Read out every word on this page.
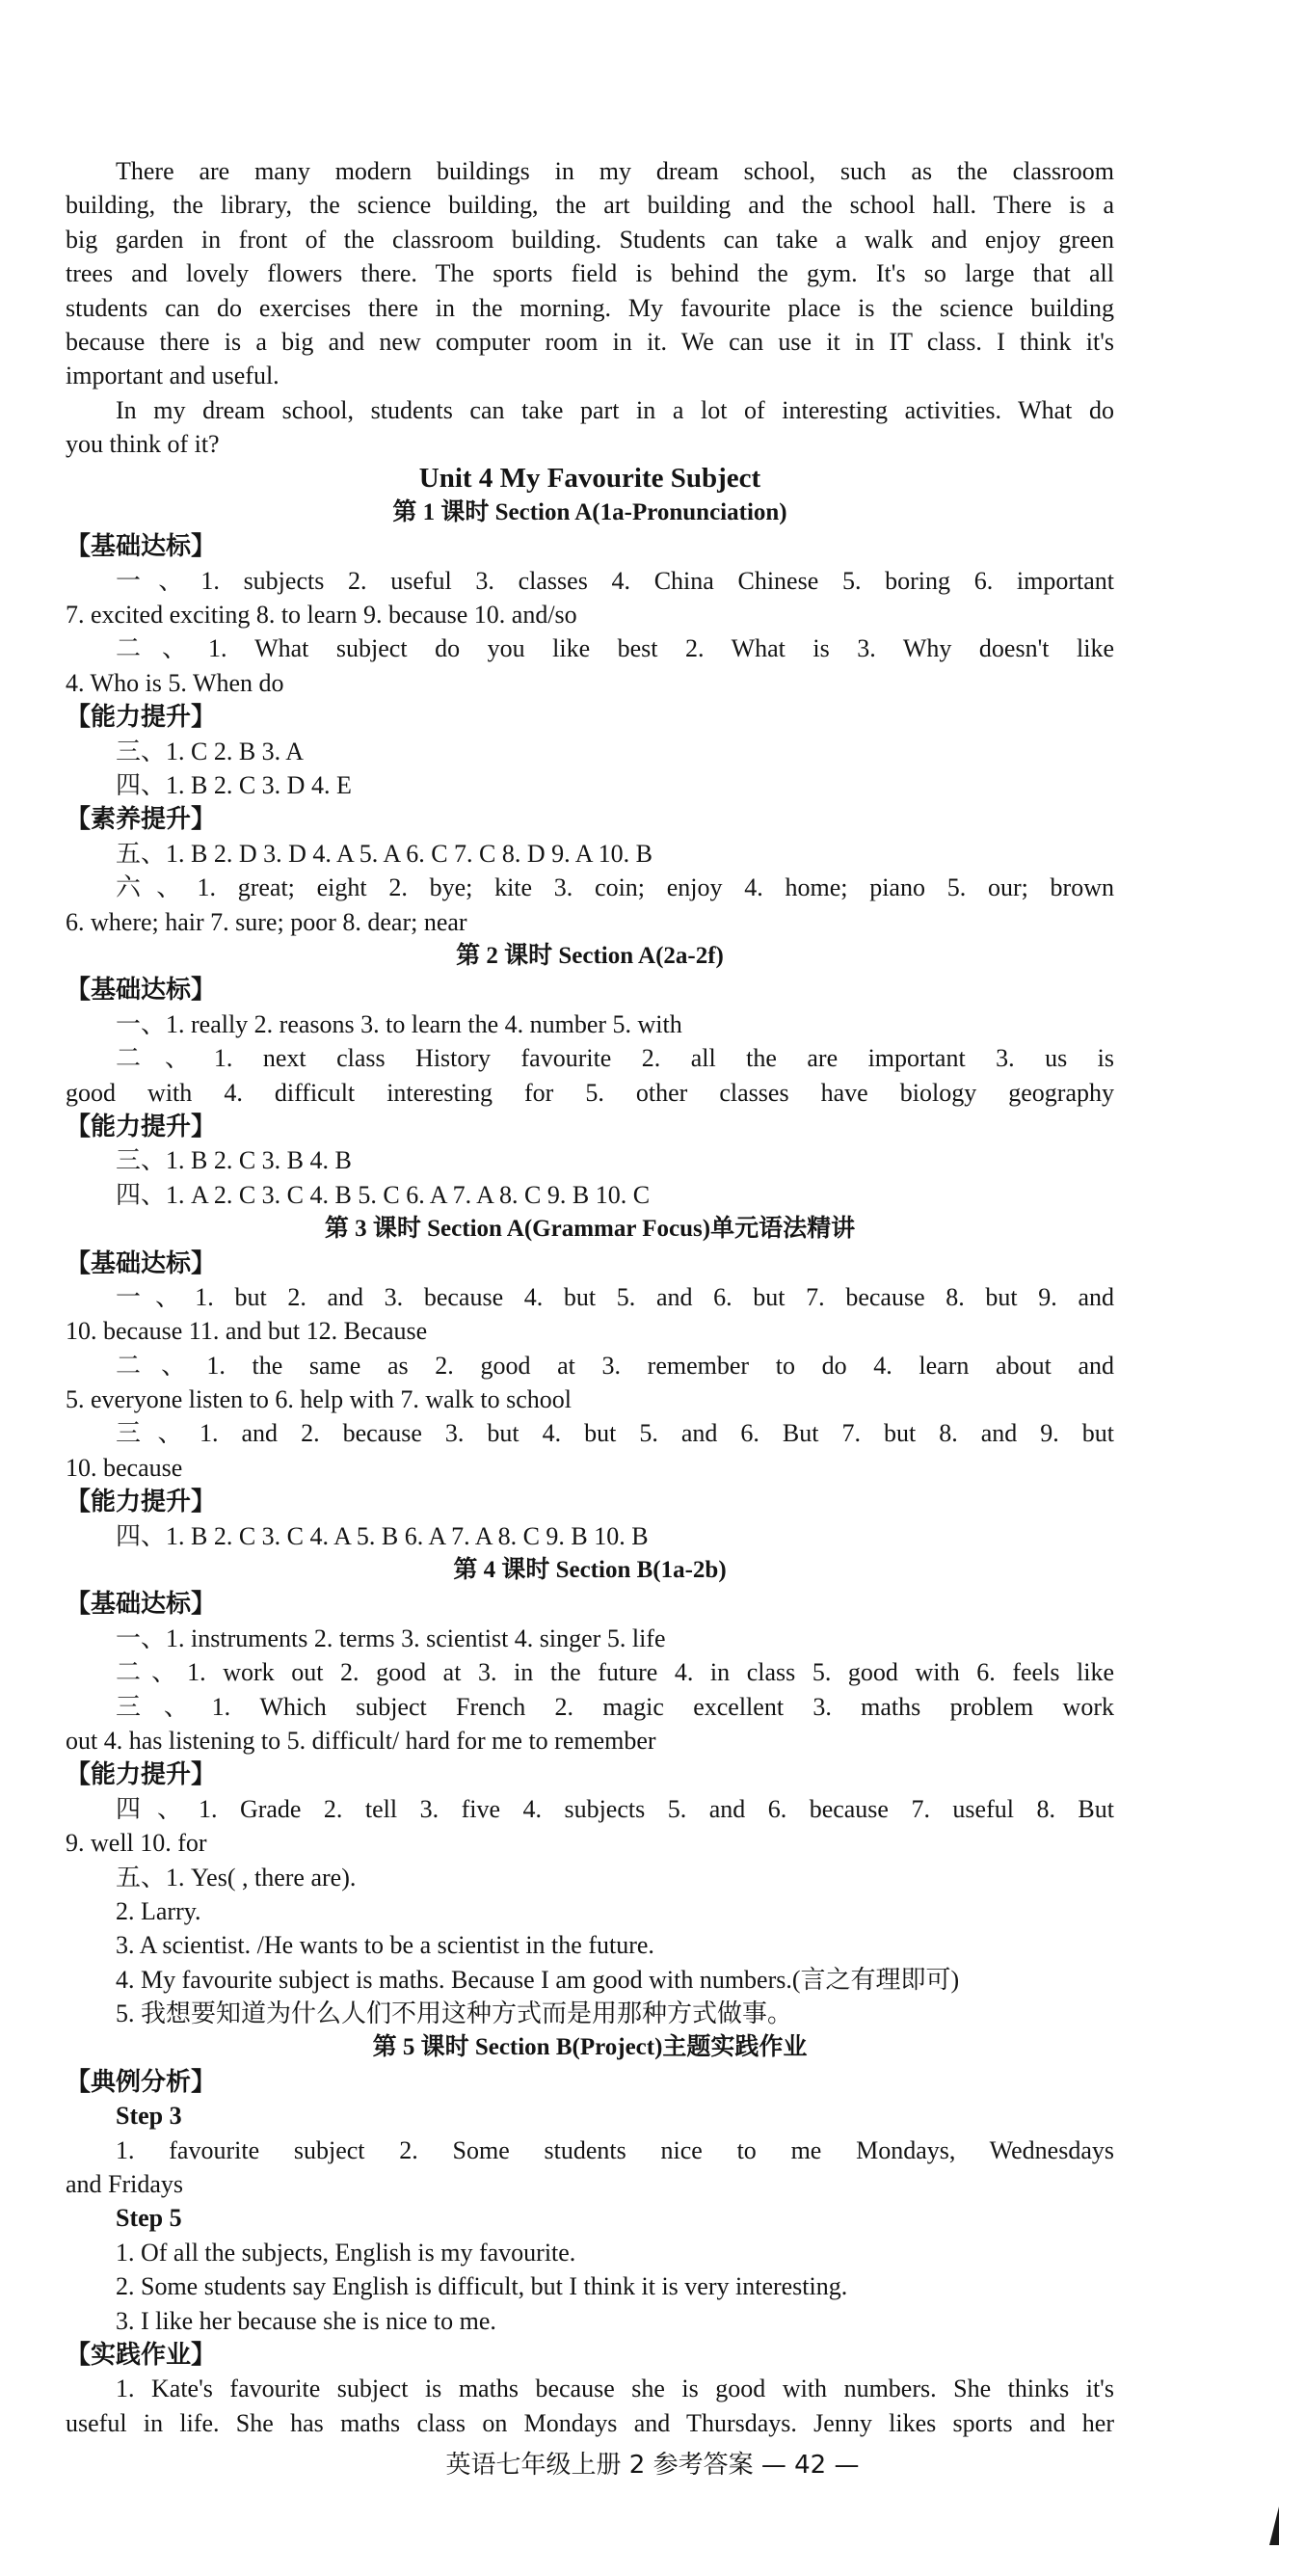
There are many modern buildings in my dream school, such as the classroom
building, the library, the science building, the art building and the school hall. There is a
big garden in front of the classroom building. Students can take a walk and enjoy green
trees and lovely flowers there. The sports field is behind the gym. It's so large that all
students can do exercises there in the morning. My favourite place is the science building
because there is a big and new computer room in it. We can use it in IT class. I think it's
important and useful.
In my dream school, students can take part in a lot of interesting activities. What do
you think of it?
Unit 4 My Favourite Subject
第 1 课时 Section A(1a-Pronunciation)
【基础达标】
一、1. subjects 2. useful 3. classes 4. China Chinese 5. boring 6. important
7. excited exciting 8. to learn 9. because 10. and/so
二、1. What subject do you like best 2. What is 3. Why doesn't like
4. Who is 5. When do
【能力提升】
三、1. C 2. B 3. A
四、1. B 2. C 3. D 4. E
【素养提升】
五、1. B 2. D 3. D 4. A 5. A 6. C 7. C 8. D 9. A 10. B
六、1. great; eight 2. bye; kite 3. coin; enjoy 4. home; piano 5. our; brown
6. where; hair 7. sure; poor 8. dear; near
第 2 课时 Section A(2a-2f)
【基础达标】
一、1. really 2. reasons 3. to learn the 4. number 5. with
二、1. next class History favourite 2. all the are important 3. us is
good with 4. difficult interesting for 5. other classes have biology geography
【能力提升】
三、1. B 2. C 3. B 4. B
四、1. A 2. C 3. C 4. B 5. C 6. A 7. A 8. C 9. B 10. C
第 3 课时 Section A(Grammar Focus)单元语法精讲
【基础达标】
一、1. but 2. and 3. because 4. but 5. and 6. but 7. because 8. but 9. and
10. because 11. and but 12. Because
二、1. the same as 2. good at 3. remember to do 4. learn about and
5. everyone listen to 6. help with 7. walk to school
三、1. and 2. because 3. but 4. but 5. and 6. But 7. but 8. and 9. but
10. because
【能力提升】
四、1. B 2. C 3. C 4. A 5. B 6. A 7. A 8. C 9. B 10. B
第 4 课时 Section B(1a-2b)
【基础达标】
一、1. instruments 2. terms 3. scientist 4. singer 5. life
二、1. work out 2. good at 3. in the future 4. in class 5. good with 6. feels like
三、1. Which subject French 2. magic excellent 3. maths problem work
out 4. has listening to 5. difficult/ hard for me to remember
【能力提升】
四、1. Grade 2. tell 3. five 4. subjects 5. and 6. because 7. useful 8. But
9. well 10. for
五、1. Yes( , there are).
2. Larry.
3. A scientist. /He wants to be a scientist in the future.
4. My favourite subject is maths. Because I am good with numbers.(言之有理即可)
5. 我想要知道为什么人们不用这种方式而是用那种方式做事。
第 5 课时 Section B(Project)主题实践作业
【典例分析】
Step 3
1. favourite subject 2. Some students nice to me Mondays, Wednesdays
and Fridays
Step 5
1. Of all the subjects, English is my favourite.
2. Some students say English is difficult, but I think it is very interesting.
3. I like her because she is nice to me.
【实践作业】
1. Kate's favourite subject is maths because she is good with numbers. She thinks it's
useful in life. She has maths class on Mondays and Thursdays. Jenny likes sports and her
英语七年级上册 2 参考答案 — 42 —
